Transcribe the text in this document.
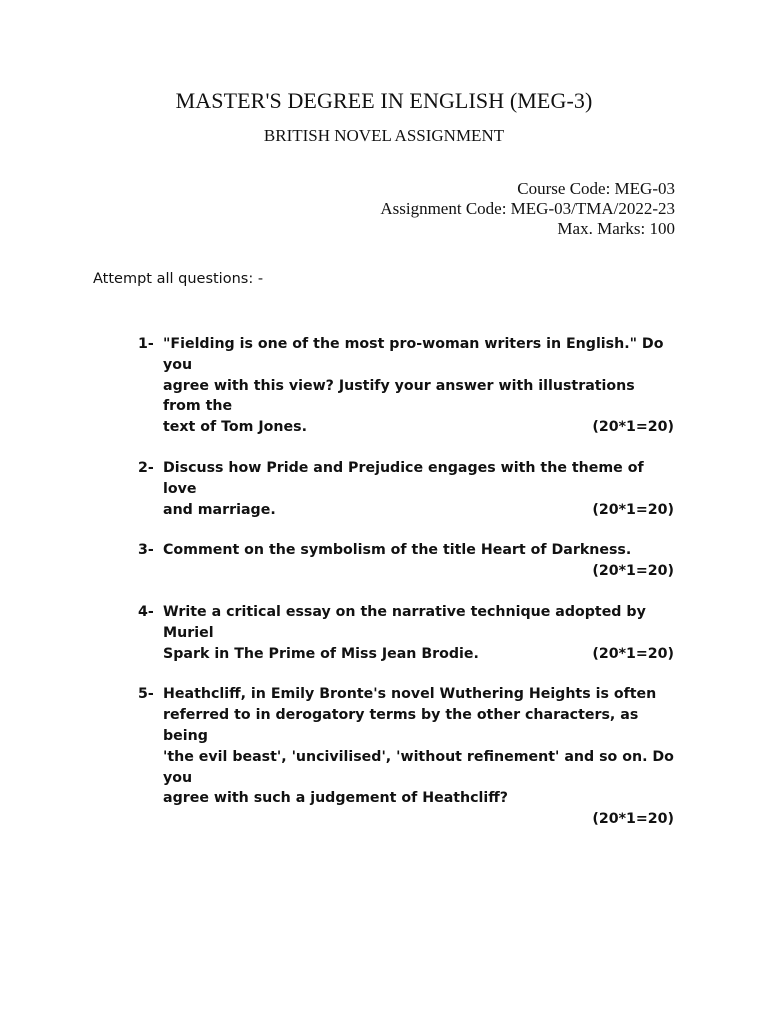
MASTER'S DEGREE IN ENGLISH (MEG-3)
BRITISH NOVEL ASSIGNMENT
Course Code: MEG-03
Assignment Code: MEG-03/TMA/2022-23
Max. Marks: 100
Attempt all questions: -
1- "Fielding is one of the most pro-woman writers in English." Do you
agree with this view? Justify your answer with illustrations from the
(20*1=20)
text of Tom Jones.
2- Discuss how Pride and Prejudice engages with the theme of love
(20*1=20)
and marriage.
3- Comment on the symbolism of the title Heart of Darkness.
(20*1=20)
4- Write a critical essay on the narrative technique adopted by Muriel
(20*1=20)
Spark in The Prime of Miss Jean Brodie.
5- Heathcliff, in Emily Bronte's novel Wuthering Heights is often
referred to in derogatory terms by the other characters, as being
'the evil beast', 'uncivilised', 'without refinement' and so on. Do you
agree with such a judgement of Heathcliff?
(20*1=20)
